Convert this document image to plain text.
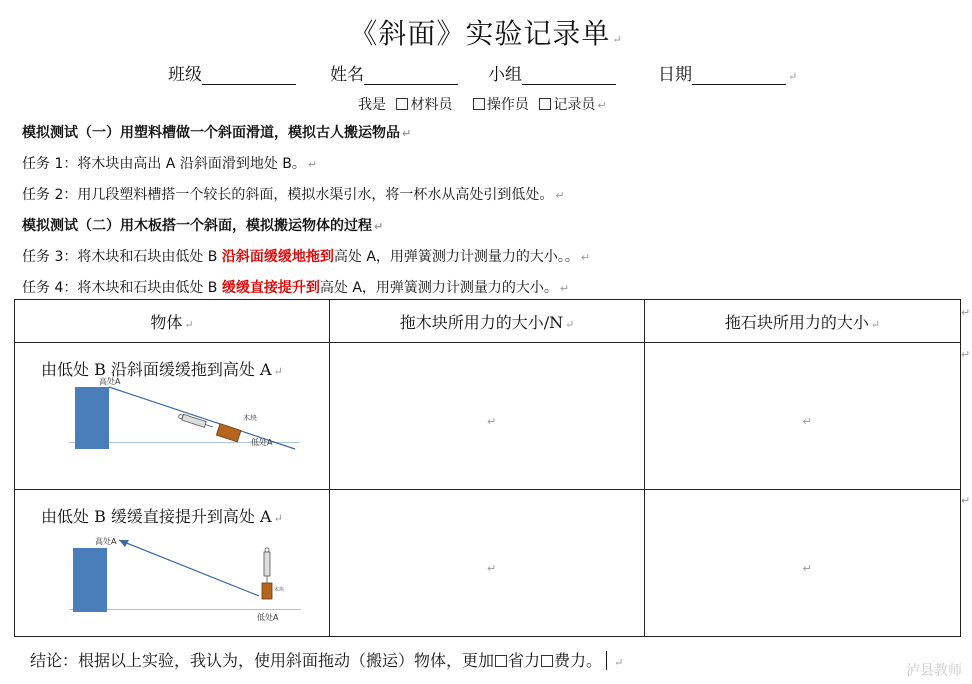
《斜面》实验记录单 ↵
班级	姓名	小组	日期	↵
我是 材料员 操作员 记录员 ↵
模拟测试（一）用塑料槽做一个斜面滑道，模拟古人搬运物品 ↵
任务 1：将木块由高出 A 沿斜面滑到地处 B。 ↵
任务 2：用几段塑料槽搭一个较长的斜面，模拟水渠引水，将一杯水从高处引到低处。 ↵
模拟测试（二）用木板搭一个斜面，模拟搬运物体的过程 ↵
任务 3：将木块和石块由低处 B 沿斜面缓缓地拖到高处 A，用弹簧测力计测量力的大小。。 ↵
任务 4：将木块和石块由低处 B 缓缓直接提升到高处 A，用弹簧测力计测量力的大小。 ↵
物体 ↵	拖木块所用力的大小/N ↵	拖石块所用力的大小 ↵

由低处 B 沿斜面缓缓拖到高处 A ↵
高处A
低处A
木块	↵	↵

由低处 B 缓缓直接提升到高处 A ↵
高处A
木块
低处A	↵	↵
↵
↵
↵
结论：根据以上实验，我认为，使用斜面拖动（搬运）物体，更加 省力 费力。 ↵
泸县教师
